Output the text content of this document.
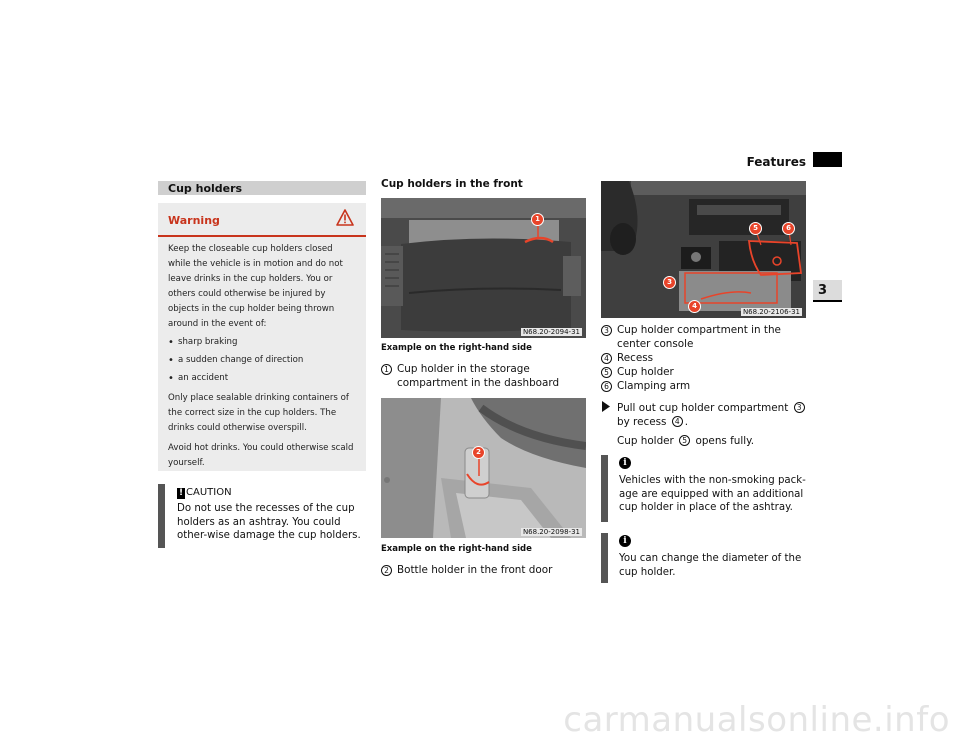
Features
3
Cup holders
Warning

Keep the closeable cup holders closed while the vehicle is in motion and do not leave drinks in the cup holders. You or others could otherwise be injured by objects in the cup holder being thrown around in the event of:

• sharp braking
• a sudden change of direction
• an accident

Only place sealable drinking containers of the correct size in the cup holders. The drinks could otherwise overspill.

Avoid hot drinks. You could otherwise scald yourself.

! CAUTION
Do not use the recesses of the cup holders as an ashtray. You could other-wise damage the cup holders.
Cup holders in the front
N68.20-2094-31
1
Example on the right-hand side
1 Cup holder in the storage compartment in the dashboard
N68.20-2098-31
2
Example on the right-hand side
2 Bottle holder in the front door
N68.20-2106-31
3
4
5	6
3 Cup holder compartment in the center console
4 Recess
5 Cup holder
6 Clamping arm
Pull out cup holder compartment 3 by recess 4 .
Cup holder 5 opens fully.
i
Vehicles with the non-smoking pack-age are equipped with an additional cup holder in place of the ashtray.
i
You can change the diameter of the cup holder.
carmanualsonline.info
